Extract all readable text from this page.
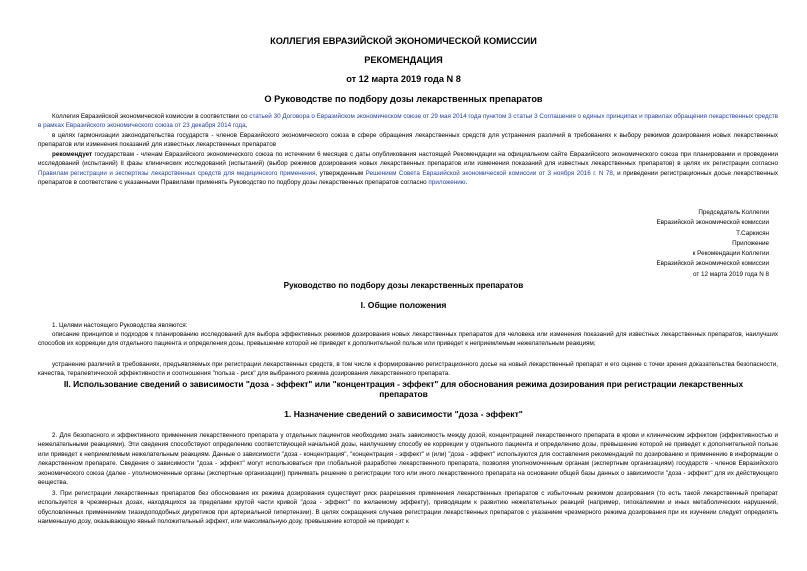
КОЛЛЕГИЯ ЕВРАЗИЙСКОЙ ЭКОНОМИЧЕСКОЙ КОМИССИИ
РЕКОМЕНДАЦИЯ
от 12 марта 2019 года N 8
О Руководстве по подбору дозы лекарственных препаратов

Коллегия Евразийской экономической комиссии в соответствии со статьей 30 Договора о Евразийском экономическом союзе от 29 мая 2014 года пунктом 3 статьи 3 Соглашения о единых принципах и правилах обращения лекарственных средств в рамках Евразийского экономического союза от 23 декабря 2014 года,

в целях гармонизации законодательства государств - членов Евразийского экономического союза в сфере обращения лекарственных средств для устранения различий в требованиях к выбору режимов дозирования новых лекарственных препаратов или изменения показаний для известных лекарственных препаратов

рекомендует государствам - членам Евразийского экономического союза по истечении 6 месяцев с даты опубликования настоящей Рекомендации на официальном сайте Евразийского экономического союза при планировании и проведении исследований (испытаний) II фазы клинических исследований (испытаний) (выбор режимов дозирования новых лекарственных препаратов или изменения показаний для известных лекарственных препаратов) в целях их регистрации согласно Правилам регистрации и экспертизы лекарственных средств для медицинского применения, утвержденным Решением Совета Евразийской экономической комиссии от 3 ноября 2016 г. N 78, и приведении регистрационных досье лекарственных препаратов в соответствие с указанными Правилами применять Руководство по подбору дозы лекарственных препаратов согласно приложению.

Председатель Коллегии
Евразийской экономической комиссии
Т.Саркисян
Приложение
к Рекомендации Коллегии
Евразийской экономической комиссии
от 12 марта 2019 года N 8
Руководство по подбору дозы лекарственных препаратов
I. Общие положения

1. Целями настоящего Руководства являются:

описание принципов и подходов к планированию исследований для выбора эффективных режимов дозирования новых лекарственных препаратов для человека или изменения показаний для известных лекарственных препаратов, наилучших способов их коррекции для отдельного пациента и определения дозы, превышение которой не приведет к дополнительной пользе или приведет к неприемлемым нежелательным реакциям;

устранение различий в требованиях, предъявляемых при регистрации лекарственных средств, в том числе к формированию регистрационного досье на новый лекарственный препарат и его оценке с точки зрения доказательства безопасности, качества, терапевтической эффективности и соотношения "польза - риск" для выбранного режима дозирования лекарственного препарата.

II. Использование сведений о зависимости "доза - эффект" или "концентрация - эффект" для обоснования режима дозирования при регистрации лекарственных препаратов
1. Назначение сведений о зависимости "доза - эффект"

2. Для безопасного и эффективного применения лекарственного препарата у отдельных пациентов необходимо знать зависимость между дозой, концентрацией лекарственного препарата в крови и клиническим эффектом (эффективностью и нежелательными реакциями). Эти сведения способствуют определению соответствующей начальной дозы, наилучшему способу ее коррекции у отдельного пациента и определению дозы, превышение которой не приведет к дополнительной пользе или приведет к неприемлемым нежелательным реакциям. Данные о зависимости "доза - концентрация", "концентрация - эффект" и (или) "доза - эффект" используются для составления рекомендаций по дозированию и применению в информации о лекарственном препарате. Сведения о зависимости "доза - эффект" могут использоваться при глобальной разработке лекарственного препарата, позволяя уполномоченным органам (экспертным организациям) государств - членов Евразийского экономического союза (далее - уполномоченные органы (экспертные организации)) принимать решение о регистрации того или иного лекарственного препарата на основании общей базы данных о зависимости "доза - эффект" для их действующего вещества.

3. При регистрации лекарственных препаратов без обоснования их режима дозирования существует риск разрешения применения лекарственных препаратов с избыточным режимом дозирования (то есть такой лекарственный препарат используется в чрезмерных дозах, находящихся за пределами крутой части кривой "доза - эффект" по желаемому эффекту), приводящим к развитию нежелательных реакций (например, гипокалиемии и иных метаболических нарушений, обусловленных применением тиазидоподобных диуретиков при артериальной гипертензии). В целях сокращения случаев регистрации лекарственных препаратов с указанием чрезмерного режима дозирования при их изучении следует определять наименьшую дозу, оказывающую явный положительный эффект, или максимальную дозу, превышение которой не приводит к
